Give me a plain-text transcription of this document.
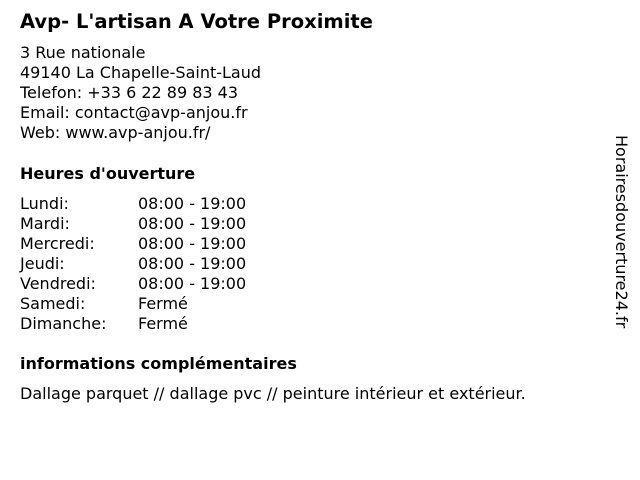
Avp- L'artisan A Votre Proximite
3 Rue nationale
49140 La Chapelle-Saint-Laud
Telefon: +33 6 22 89 83 43
Email: contact@avp-anjou.fr
Web: www.avp-anjou.fr/
Heures d'ouverture
Lundi:	08:00 - 19:00
Mardi:	08:00 - 19:00
Mercredi:	08:00 - 19:00
Jeudi:	08:00 - 19:00
Vendredi:	08:00 - 19:00
Samedi:	Fermé
Dimanche:	Fermé
informations complémentaires
Dallage parquet // dallage pvc // peinture intérieur et extérieur.
Horairesdouverture24.fr
